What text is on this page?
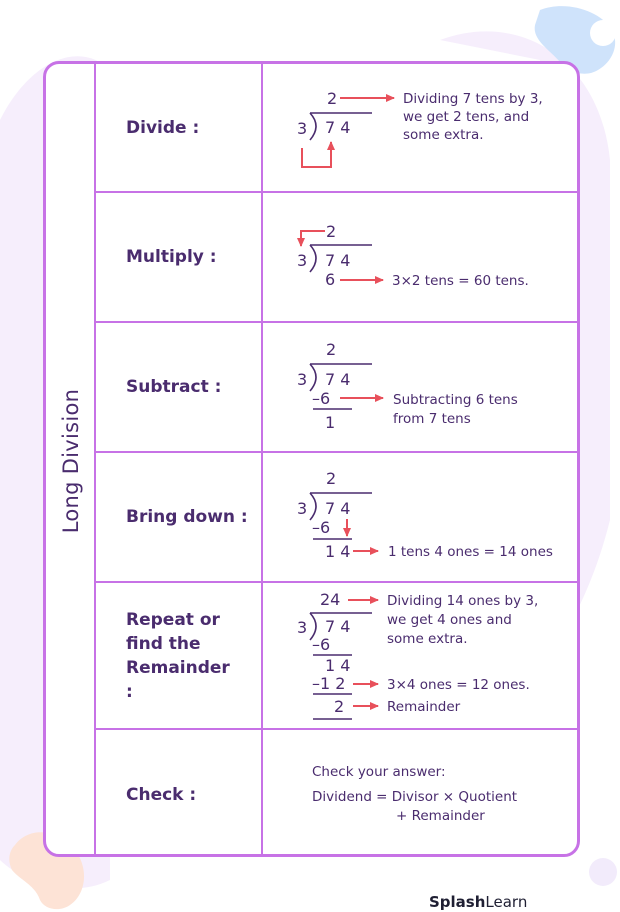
Long Division
Divide :
Multiply :
Subtract :
Bring down :
Repeat or find the Remainder :
Check :
2
3 7 4
Dividing 7 tens by 3,
we get 2 tens, and
some extra.
2
3 7 4
6	3×2 tens = 60 tens.
2
3 7 4
–6
1
Subtracting 6 tens
from 7 tens
2
3 7 4
–6
1 4	1 tens 4 ones = 14 ones
24
3 7 4
–6
1 4
–1 2
2
Dividing 14 ones by 3,
we get 4 ones and
some extra.
3×4 ones = 12 ones.
Remainder
Check your answer:
Dividend = Divisor × Quotient
+ Remainder
SplashLearn
